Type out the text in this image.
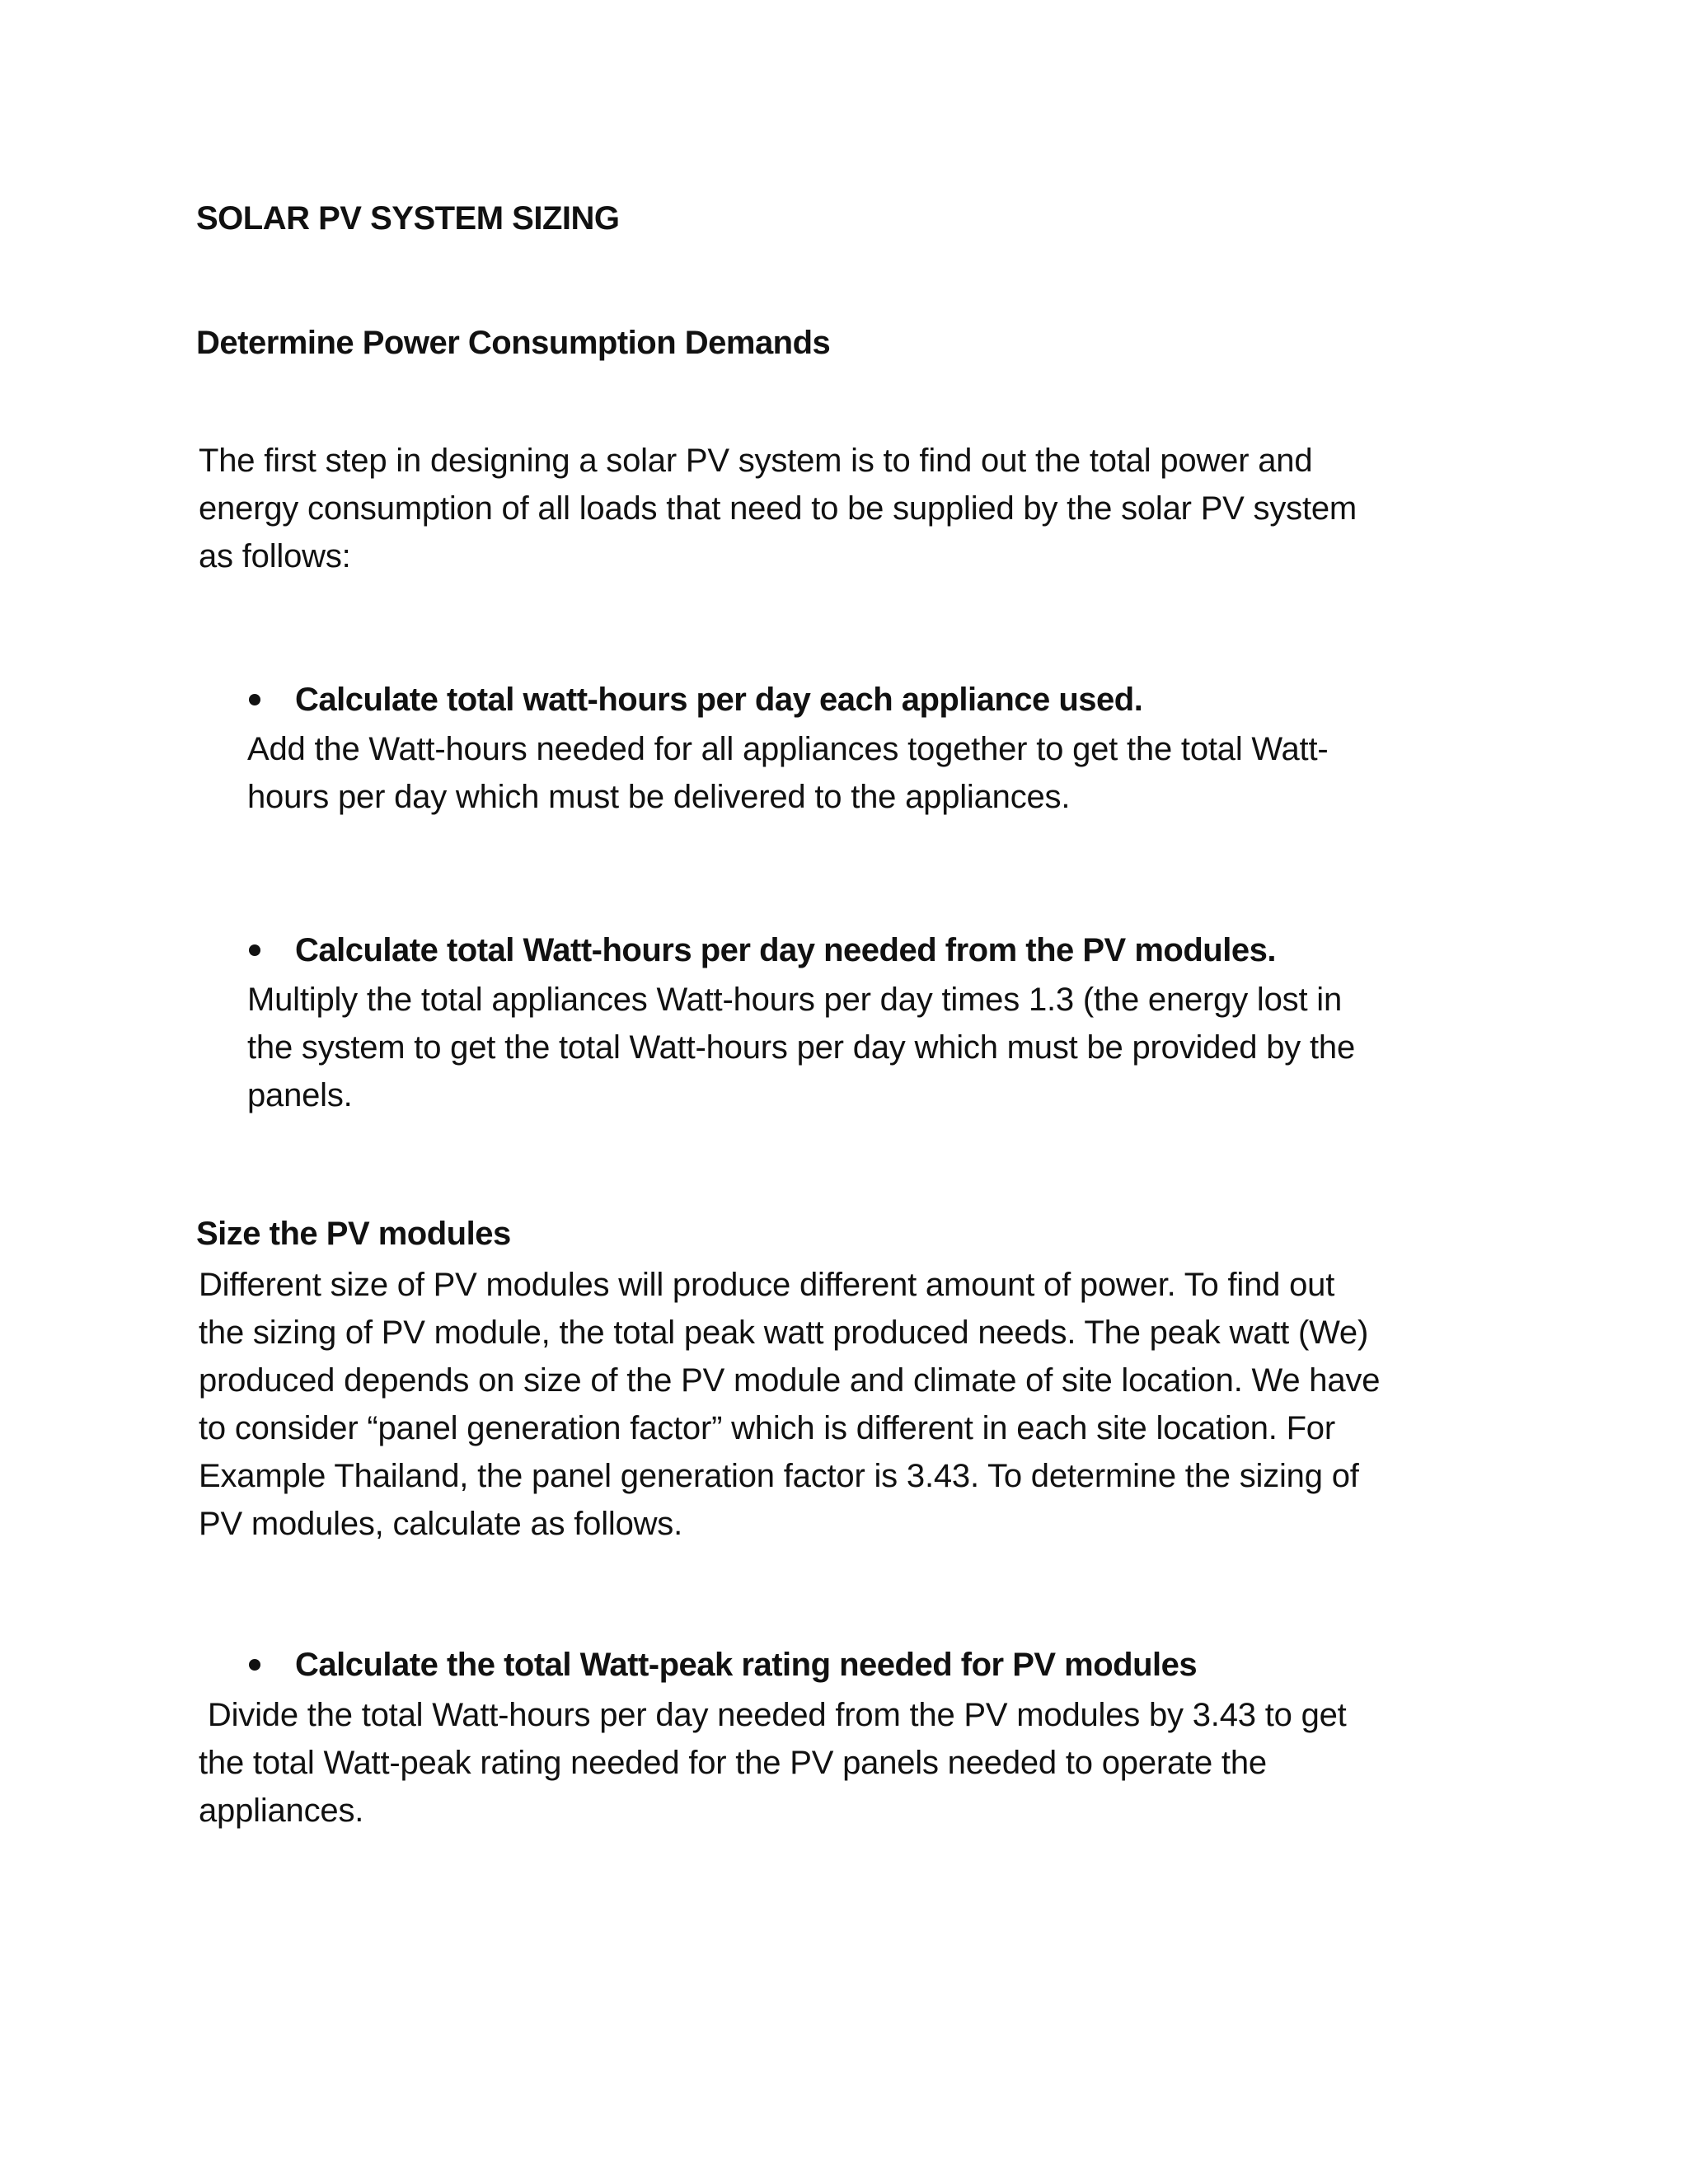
SOLAR PV SYSTEM SIZING
Determine Power Consumption Demands
The first step in designing a solar PV system is to find out the total power and
energy consumption of all loads that need to be supplied by the solar PV system
as follows:
Calculate total watt-hours per day each appliance used.
Add the Watt-hours needed for all appliances together to get the total Watt-
hours per day which must be delivered to the appliances.
Calculate total Watt-hours per day needed from the PV modules.
Multiply the total appliances Watt-hours per day times 1.3 (the energy lost in
the system to get the total Watt-hours per day which must be provided by the
panels.
Size the PV modules
Different size of PV modules will produce different amount of power. To find out
the sizing of PV module, the total peak watt produced needs. The peak watt (We)
produced depends on size of the PV module and climate of site location. We have
to consider “panel generation factor” which is different in each site location. For
Example Thailand, the panel generation factor is 3.43. To determine the sizing of
PV modules, calculate as follows.
Calculate the total Watt-peak rating needed for PV modules
Divide the total Watt-hours per day needed from the PV modules by 3.43 to get
the total Watt-peak rating needed for the PV panels needed to operate the
appliances.
